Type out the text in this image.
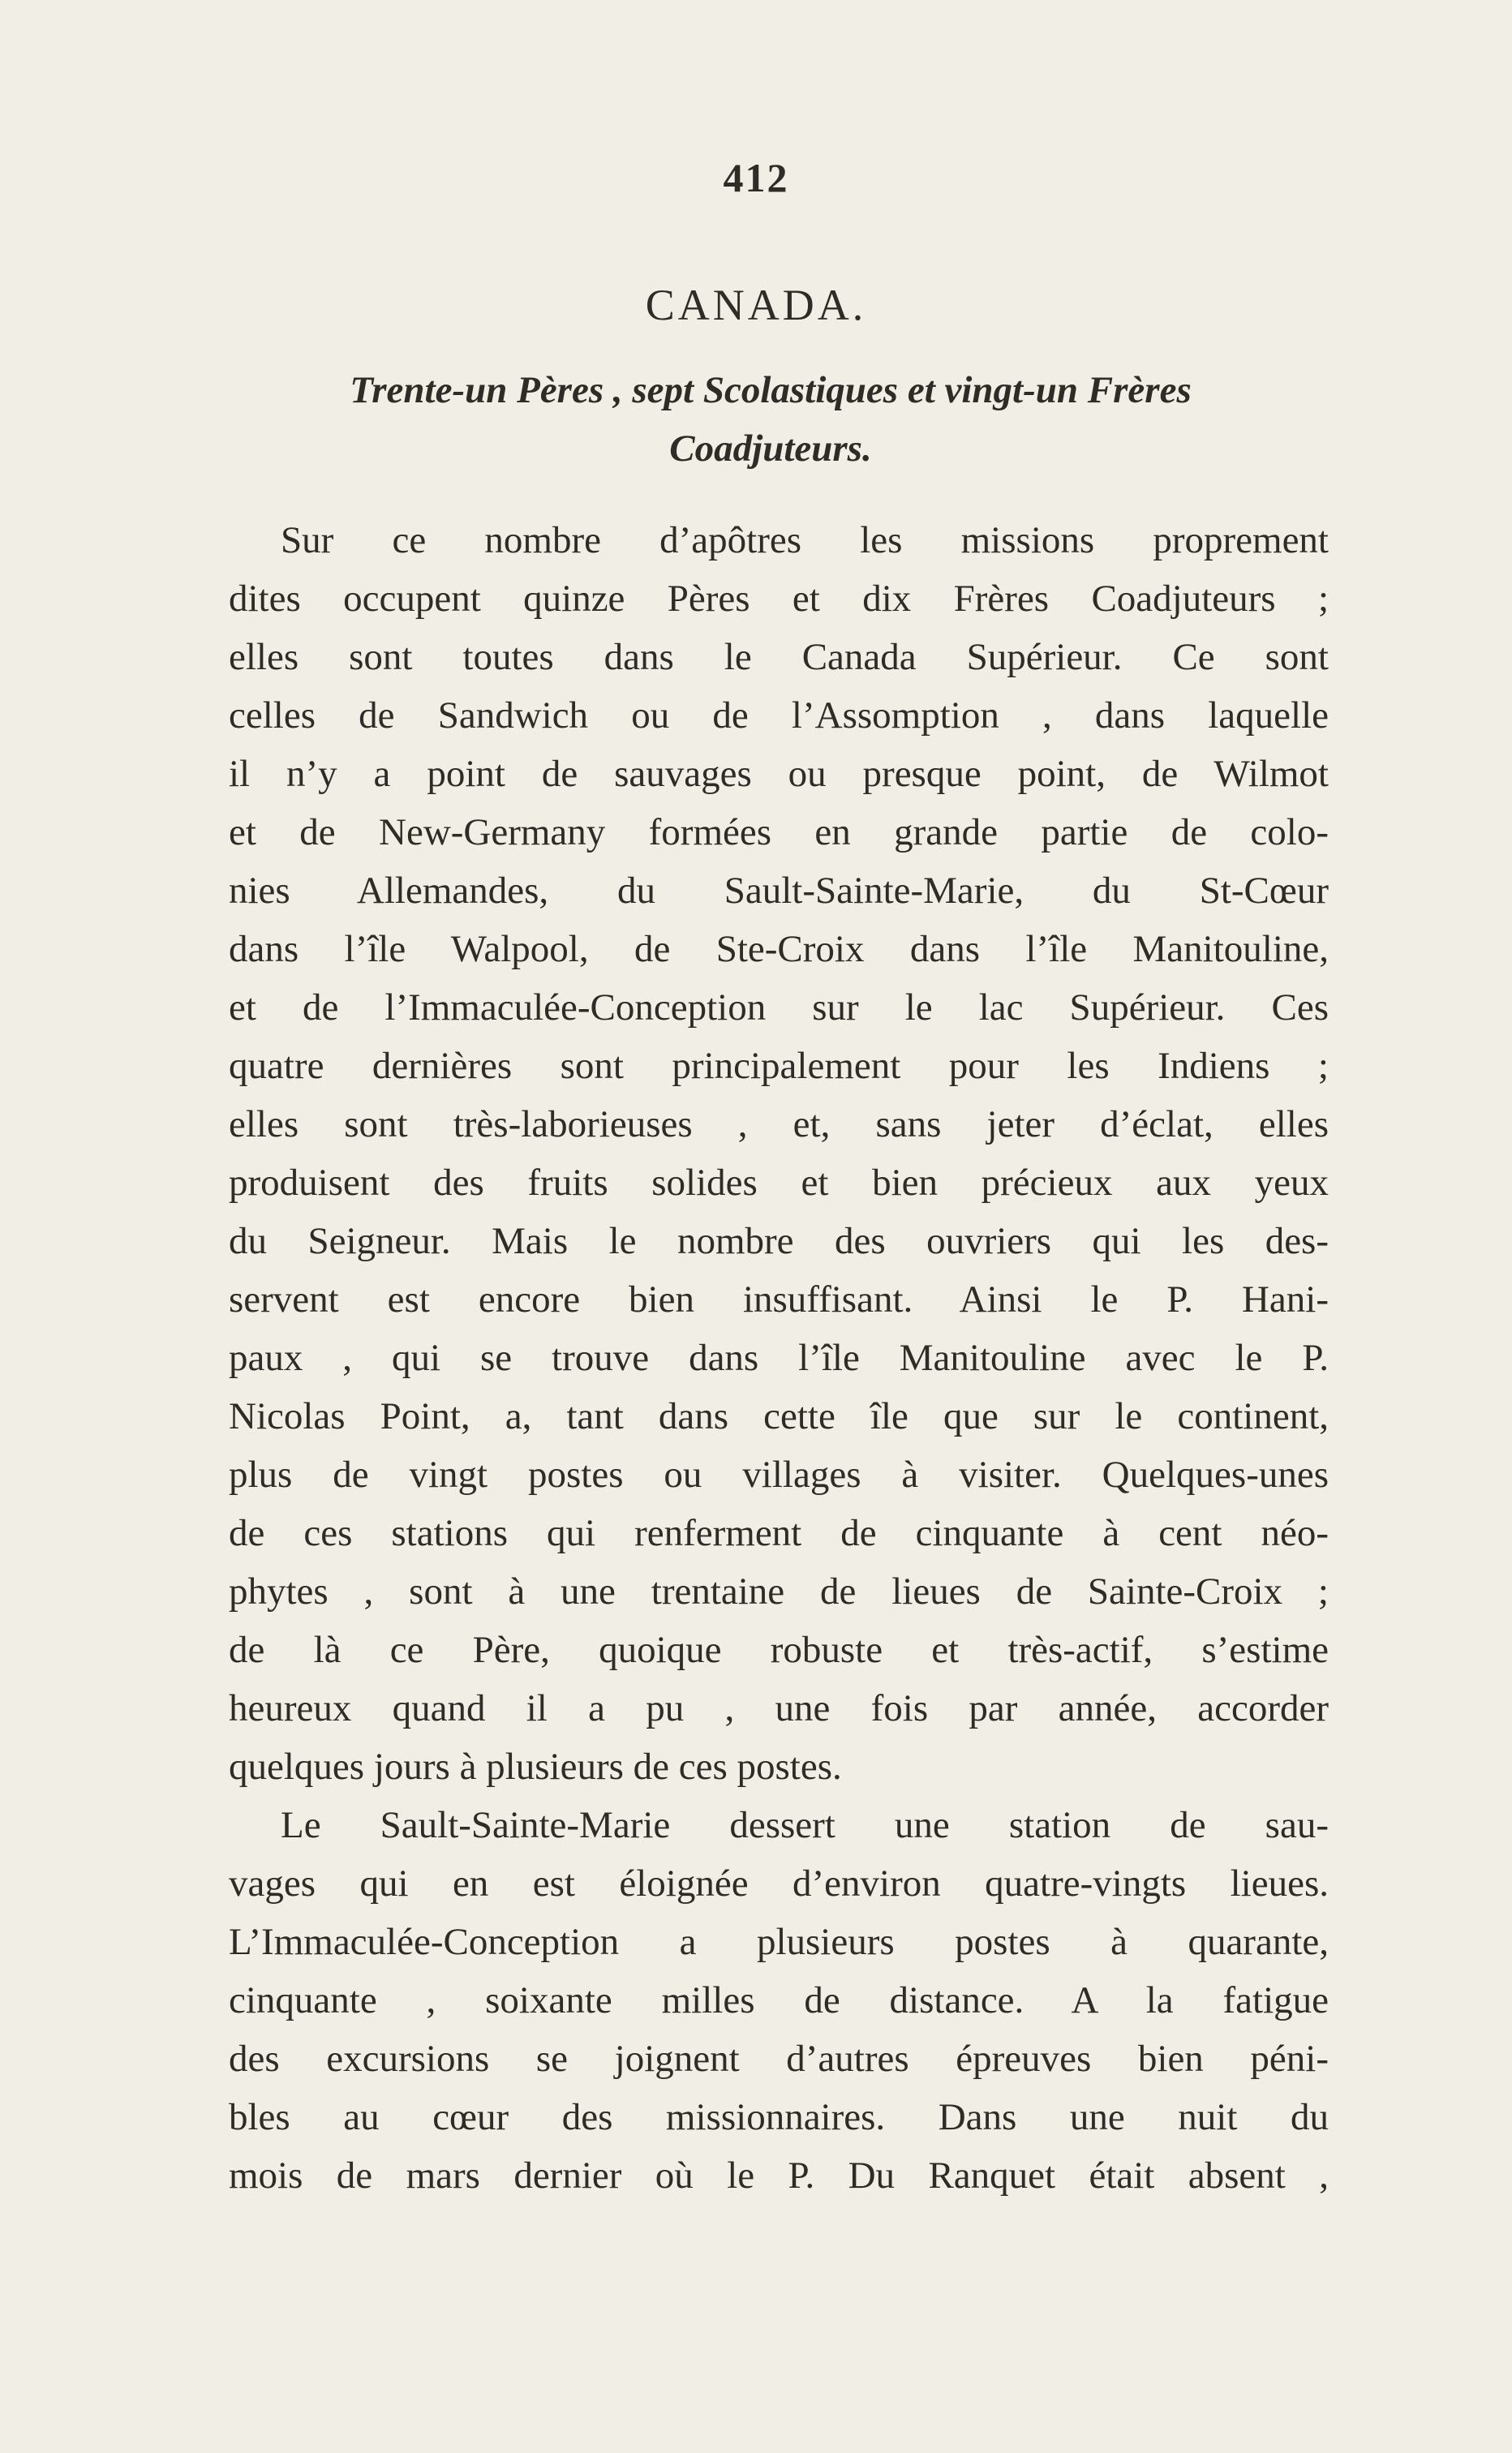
412
CANADA.
Trente-un Pères , sept Scolastiques et vingt-un Frères
Coadjuteurs.
Sur ce nombre d’apôtres les missions proprement
dites occupent quinze Pères et dix Frères Coadjuteurs ;
elles sont toutes dans le Canada Supérieur. Ce sont
celles de Sandwich ou de l’Assomption , dans laquelle
il n’y a point de sauvages ou presque point, de Wilmot
et de New-Germany formées en grande partie de colo-
nies Allemandes, du Sault-Sainte-Marie, du St-Cœur
dans l’île Walpool, de Ste-Croix dans l’île Manitouline,
et de l’Immaculée-Conception sur le lac Supérieur. Ces
quatre dernières sont principalement pour les Indiens ;
elles sont très-laborieuses , et, sans jeter d’éclat, elles
produisent des fruits solides et bien précieux aux yeux
du Seigneur. Mais le nombre des ouvriers qui les des-
servent est encore bien insuffisant. Ainsi le P. Hani-
paux , qui se trouve dans l’île Manitouline avec le P.
Nicolas Point, a, tant dans cette île que sur le continent,
plus de vingt postes ou villages à visiter. Quelques-unes
de ces stations qui renferment de cinquante à cent néo-
phytes , sont à une trentaine de lieues de Sainte-Croix ;
de là ce Père, quoique robuste et très-actif, s’estime
heureux quand il a pu , une fois par année, accorder
quelques jours à plusieurs de ces postes.
Le Sault-Sainte-Marie dessert une station de sau-
vages qui en est éloignée d’environ quatre-vingts lieues.
L’Immaculée-Conception a plusieurs postes à quarante,
cinquante , soixante milles de distance. A la fatigue
des excursions se joignent d’autres épreuves bien péni-
bles au cœur des missionnaires. Dans une nuit du
mois de mars dernier où le P. Du Ranquet était absent ,
